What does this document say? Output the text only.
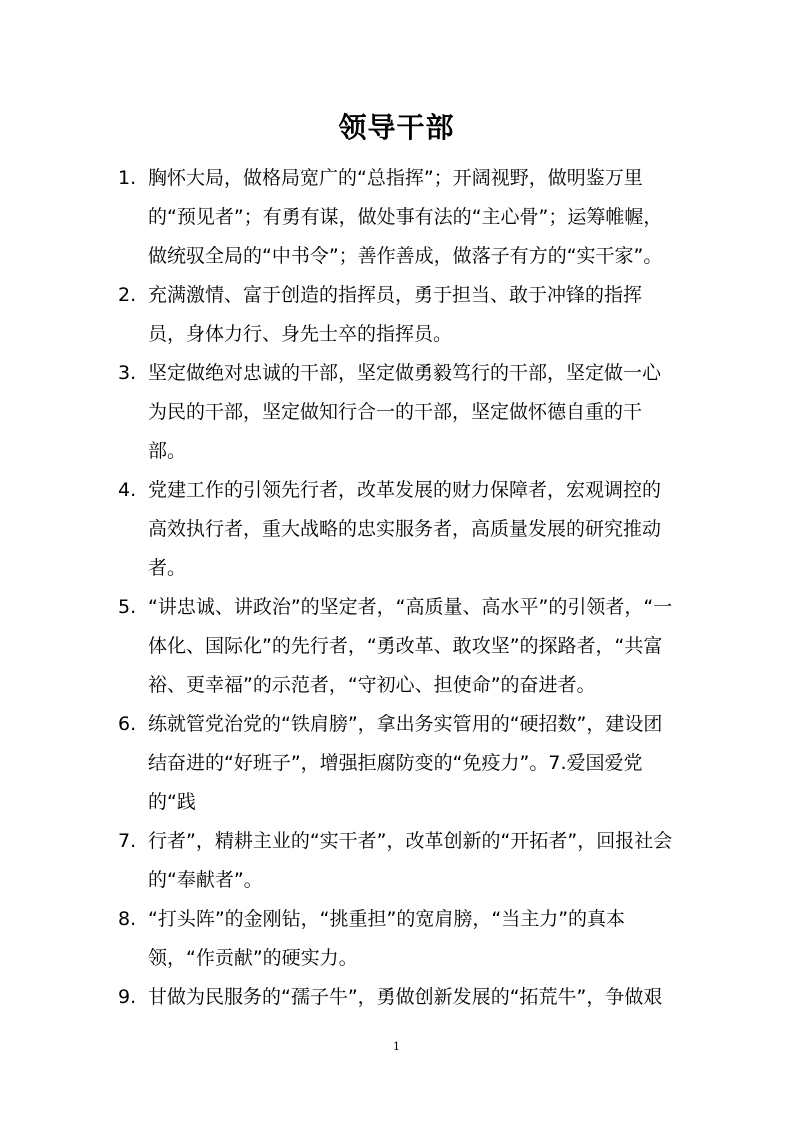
领导干部
1. 胸怀大局，做格局宽广的“总指挥”；开阔视野，做明鉴万里的“预见者”；有勇有谋，做处事有法的“主心骨”；运筹帷幄，做统驭全局的“中书令”；善作善成，做落子有方的“实干家”。
2. 充满激情、富于创造的指挥员，勇于担当、敢于冲锋的指挥员，身体力行、身先士卒的指挥员。
3. 坚定做绝对忠诚的干部，坚定做勇毅笃行的干部，坚定做一心为民的干部，坚定做知行合一的干部，坚定做怀德自重的干部。
4. 党建工作的引领先行者，改革发展的财力保障者，宏观调控的高效执行者，重大战略的忠实服务者，高质量发展的研究推动者。
5. “讲忠诚、讲政治”的坚定者，“高质量、高水平”的引领者，“一体化、国际化”的先行者，“勇改革、敢攻坚”的探路者，“共富裕、更幸福”的示范者，“守初心、担使命”的奋进者。
6. 练就管党治党的“铁肩膀”，拿出务实管用的“硬招数”，建设团结奋进的“好班子”，增强拒腐防变的“免疫力”。7.爱国爱党的“践
7. 行者”，精耕主业的“实干者”，改革创新的“开拓者”，回报社会的“奉献者”。
8. “打头阵”的金刚钻，“挑重担”的宽肩膀，“当主力”的真本领，“作贡献”的硬实力。
9. 甘做为民服务的“孺子牛”，勇做创新发展的“拓荒牛”，争做艰
1
